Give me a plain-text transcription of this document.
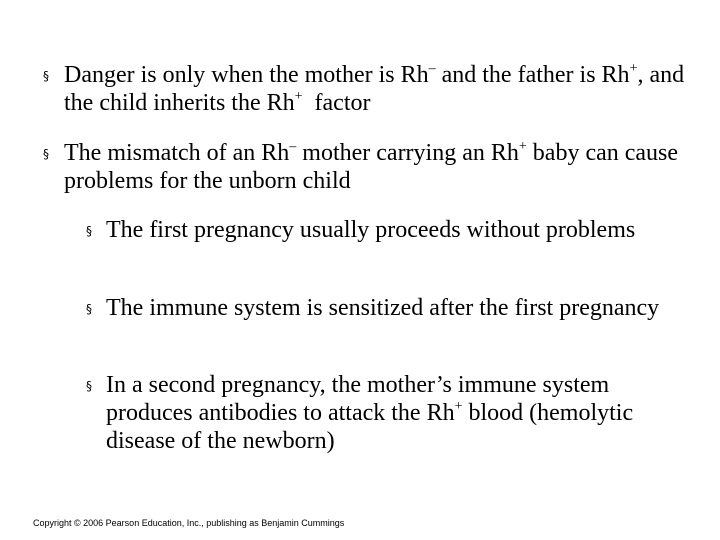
§ Danger is only when the mother is Rh– and the father is Rh+, and the child inherits the Rh+  factor
§ The mismatch of an Rh– mother carrying an Rh+ baby can cause problems for the unborn child
§ The first pregnancy usually proceeds without problems
§ The immune system is sensitized after the first pregnancy
§ In a second pregnancy, the mother’s immune system produces antibodies to attack the Rh+ blood (hemolytic disease of the newborn)
Copyright © 2006 Pearson Education, Inc., publishing as Benjamin Cummings
